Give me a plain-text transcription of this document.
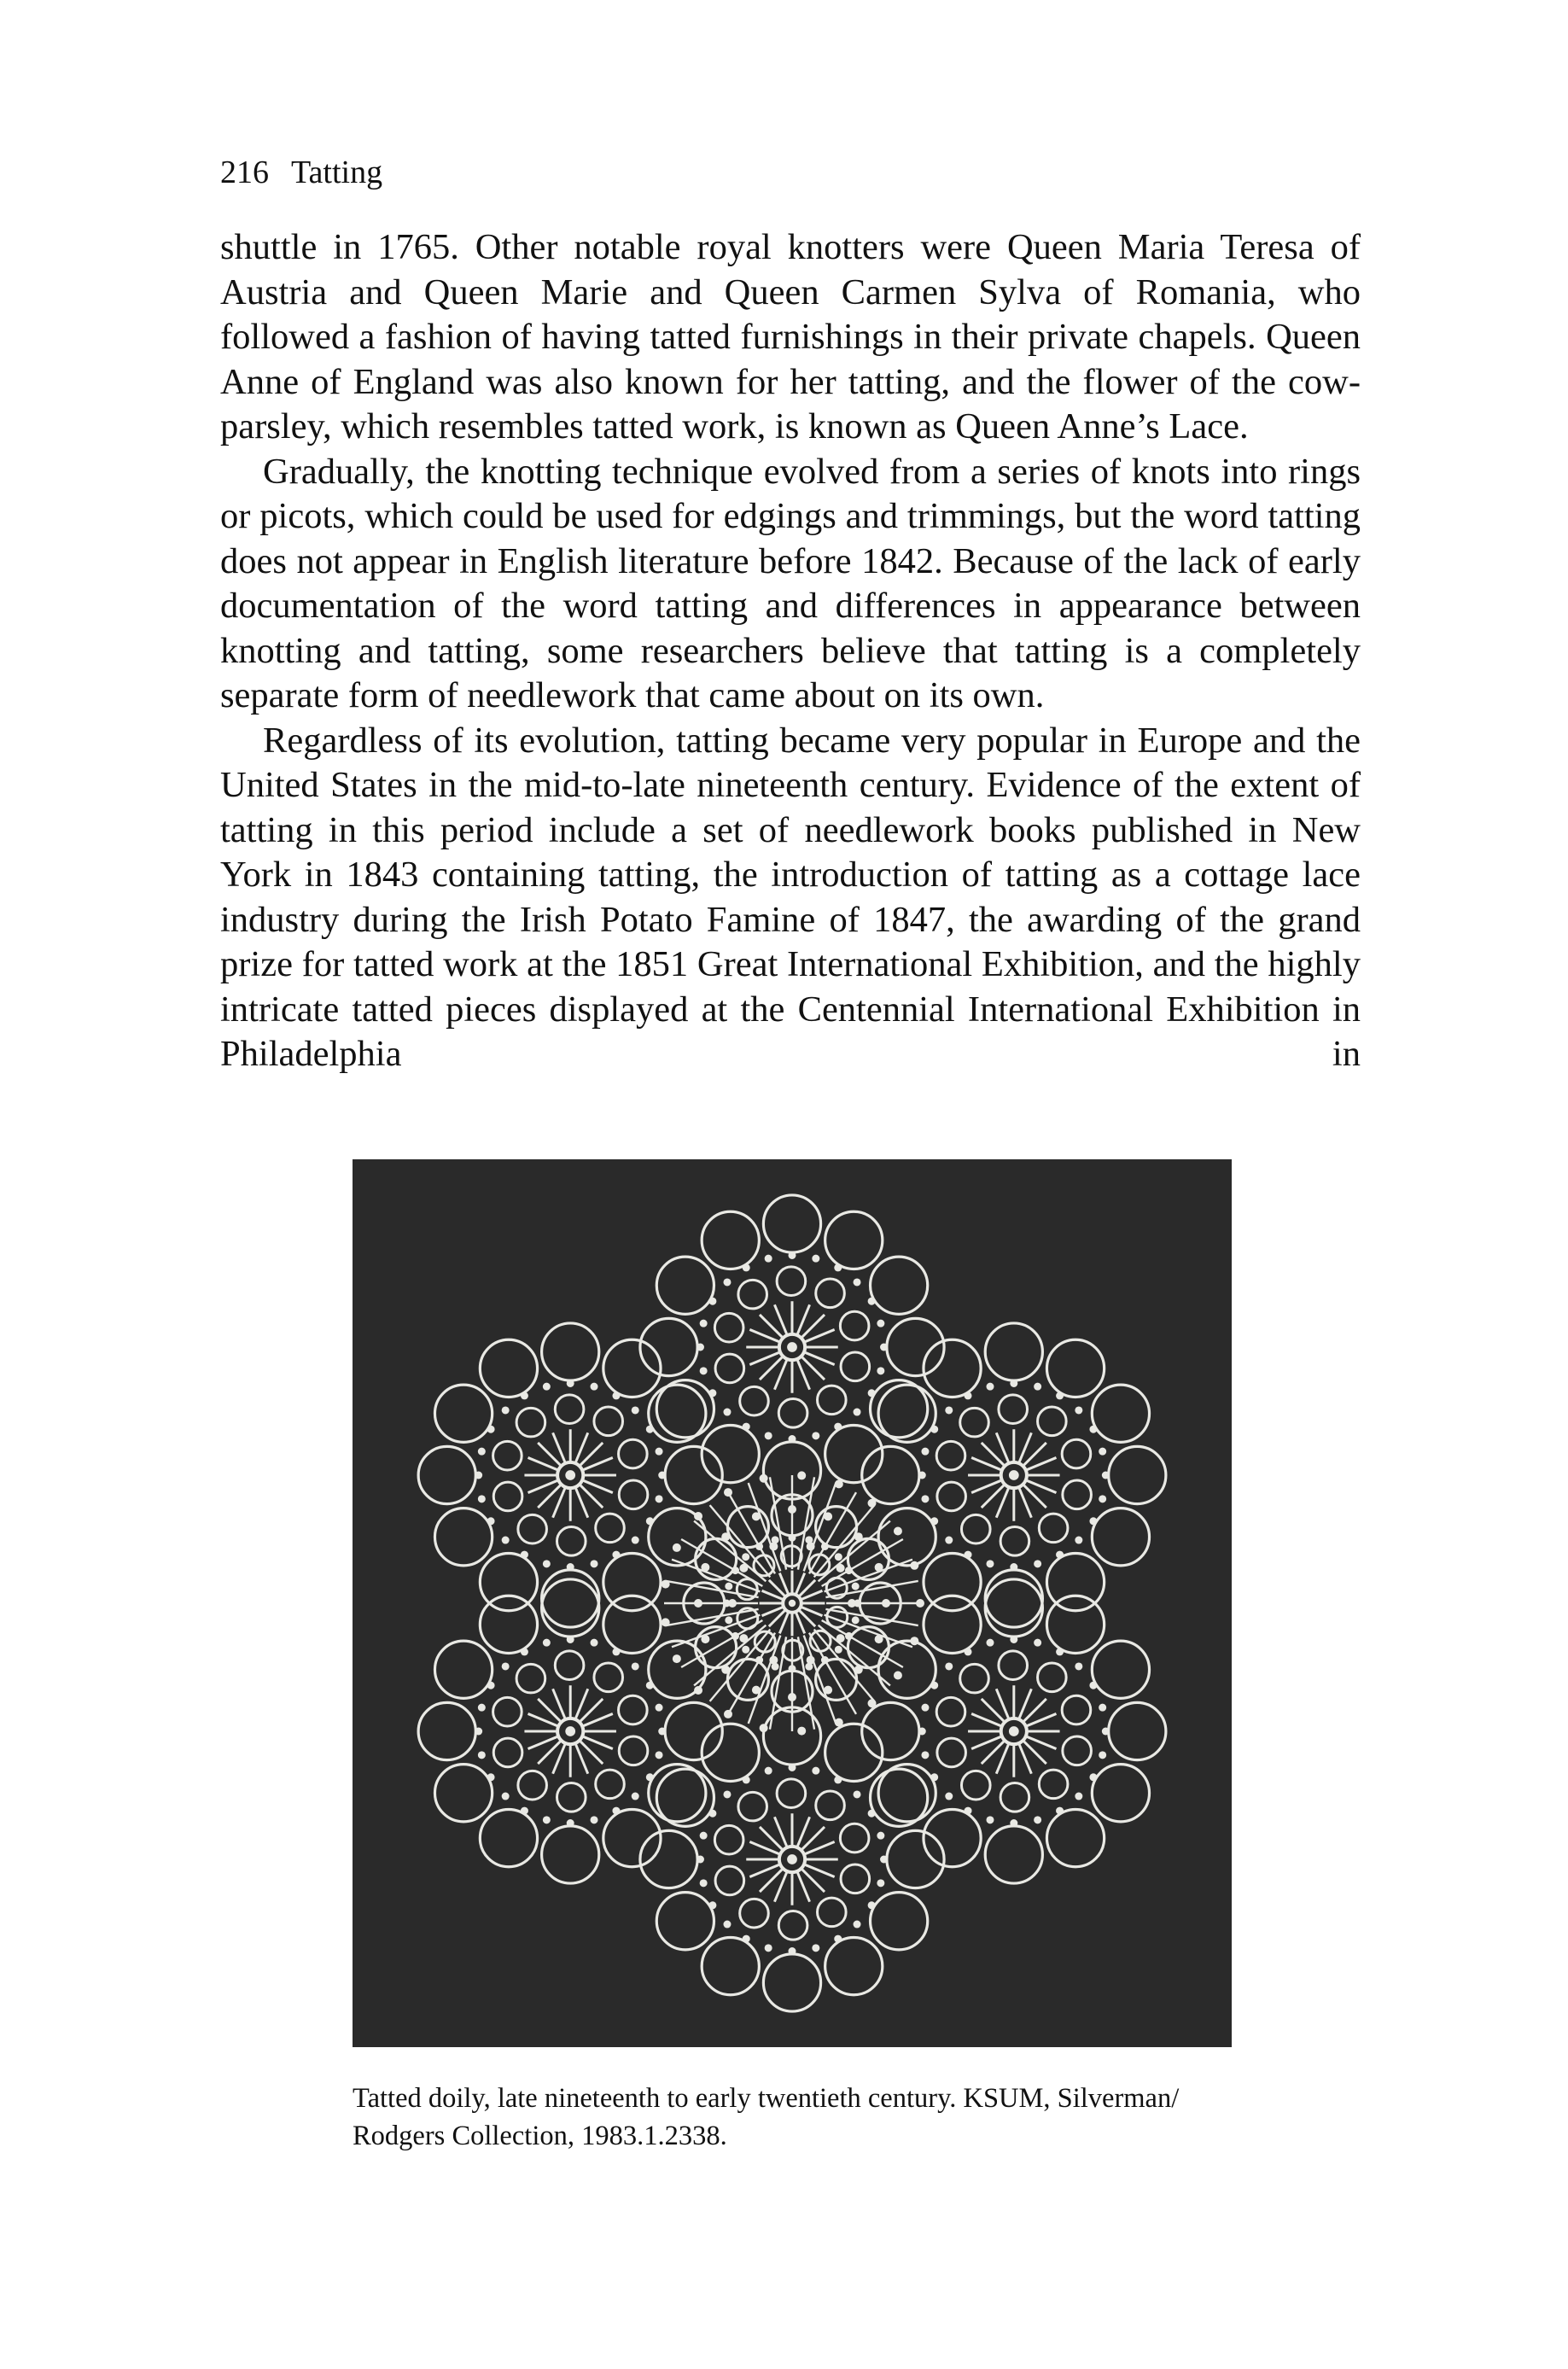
216 Tatting

shuttle in 1765. Other notable royal knotters were Queen Maria Teresa of Austria and Queen Marie and Queen Carmen Sylva of Romania, who followed a fashion of having tatted furnishings in their private chapels. Queen Anne of England was also known for her tatting, and the flower of the cow-parsley, which resembles tatted work, is known as Queen Anne’s Lace.

Gradually, the knotting technique evolved from a series of knots into rings or picots, which could be used for edgings and trimmings, but the word tatting does not appear in English literature before 1842. Because of the lack of early documentation of the word tatting and differences in appearance between knotting and tatting, some researchers believe that tatting is a completely separate form of needlework that came about on its own.

Regardless of its evolution, tatting became very popular in Europe and the United States in the mid-to-late nineteenth century. Evidence of the extent of tatting in this period include a set of needlework books published in New York in 1843 containing tatting, the introduction of tatting as a cottage lace industry during the Irish Potato Famine of 1847, the awarding of the grand prize for tatted work at the 1851 Great International Exhibition, and the highly intricate tatted pieces displayed at the Centennial International Exhibition in Philadelphia in

Tatted doily, late nineteenth to early twentieth century. KSUM, Silverman/ Rodgers Collection, 1983.1.2338.
